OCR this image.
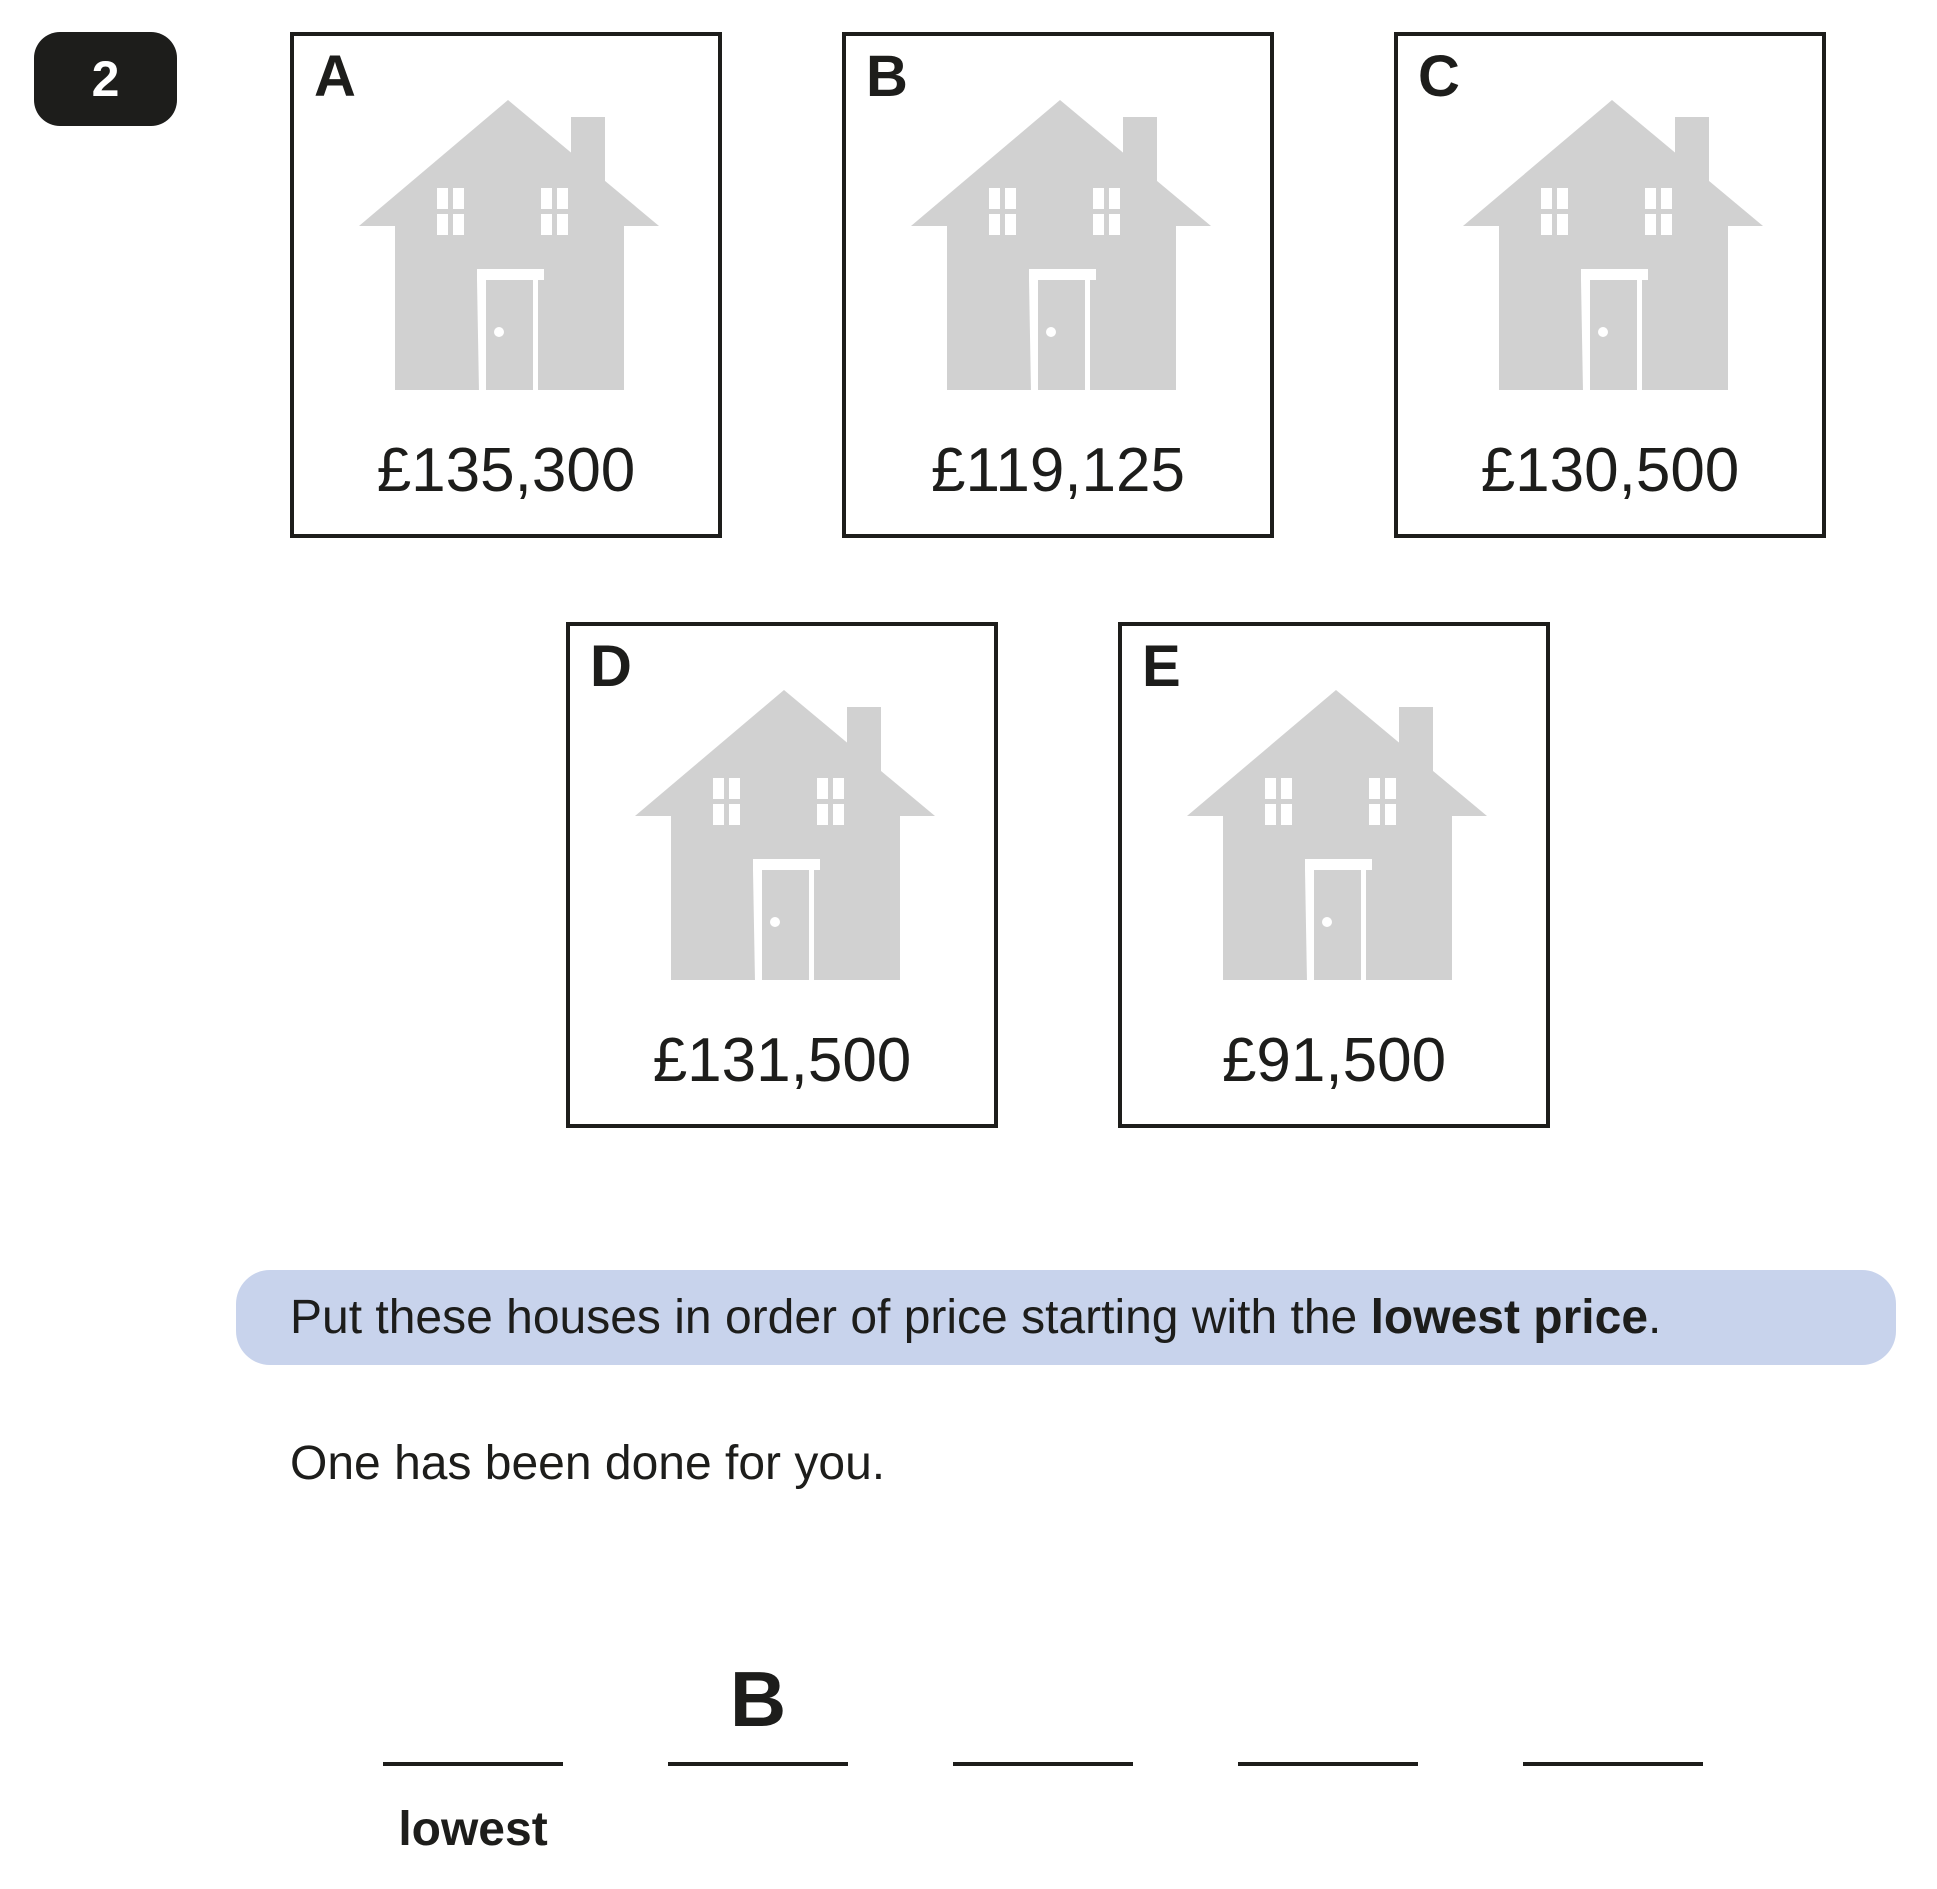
2	A
£135,300
B
£119,125
C
£130,500
D
£131,500
E
£91,500
Put these houses in order of price starting with the lowest price.
One has been done for you.
B
lowest
